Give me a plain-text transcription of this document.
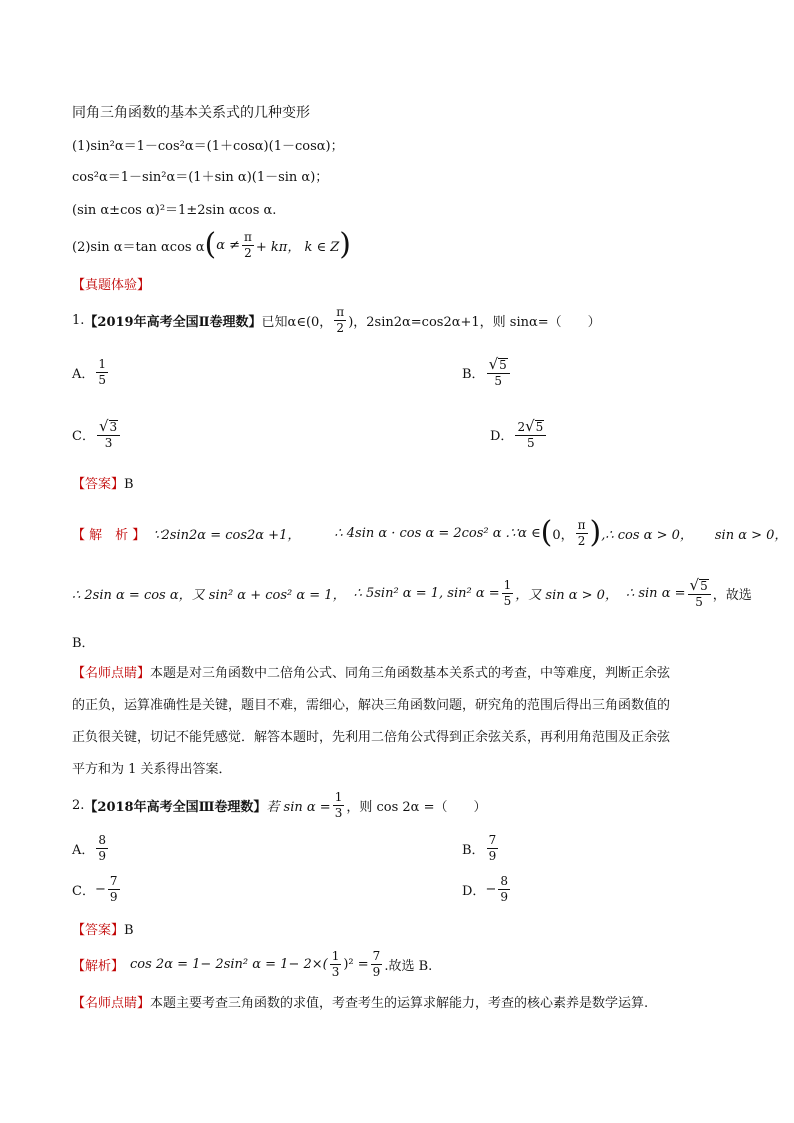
同角三角函数的基本关系式的几种变形
(1)sin²α＝1－cos²α＝(1＋cosα)(1－cosα)；
cos²α＝1－sin²α＝(1＋sin α)(1－sin α)；
(sin α±cos α)²＝1±2sin αcos α.
(2)sin α＝tan αcos α ( $\alpha \ne \frac{\pi}{2} + k\pi$， k ∈ Z )
【真题体验】
1. 【2019年高考全国Ⅱ卷理数】 已知α∈(0， $\frac{\pi}{2}$ )，2sin2α=cos2α+1，则 sinα=（　　）
A． $\frac{1}{5}$	B． $\frac{√ 5}{5}$
C． $\frac{√ 3}{3}$	D． $\frac{2 √ 5}{5}$
【答案】B
【 解　析 】 ∵2sin2α = cos2α +1，	∴ 4sin α · cos α = 2cos² α .∵α ∈ ( 0， $\frac{\pi}{2}$ ) ,∴ cos α > 0， sin α > 0，
∴ 2sin α = cos α，又 sin² α + cos² α = 1， ∴ 5sin² α = 1, sin² $\alpha = \frac{1}{5}$ ，又 sin α > 0， ∴ $\sin \alpha = \frac{√ 5}{5}$ ，故选
B．
【名师点睛】本题是对三角函数中二倍角公式、同角三角函数基本关系式的考查，中等难度，判断正余弦
的正负，运算准确性是关键，题目不难，需细心，解决三角函数问题，研究角的范围后得出三角函数值的
正负很关键，切记不能凭感觉．解答本题时，先利用二倍角公式得到正余弦关系，再利用角范围及正余弦
平方和为 1 关系得出答案．
2. 【2018年高考全国Ⅲ卷理数】 若 $\sin \alpha = \frac{1}{3}$ ，则 cos 2α =（　　）
A． $\frac{8}{9}$	B． $\frac{7}{9}$
C． − $\frac{7}{9}$	D． − $\frac{8}{9}$
【答案】B
【解析】 cos 2α = 1− 2sin² $\alpha = 1- 2\times( \frac{1}{3} )^2 = \frac{7}{9}$ .故选 B.
【名师点睛】本题主要考查三角函数的求值，考查考生的运算求解能力，考查的核心素养是数学运算.
